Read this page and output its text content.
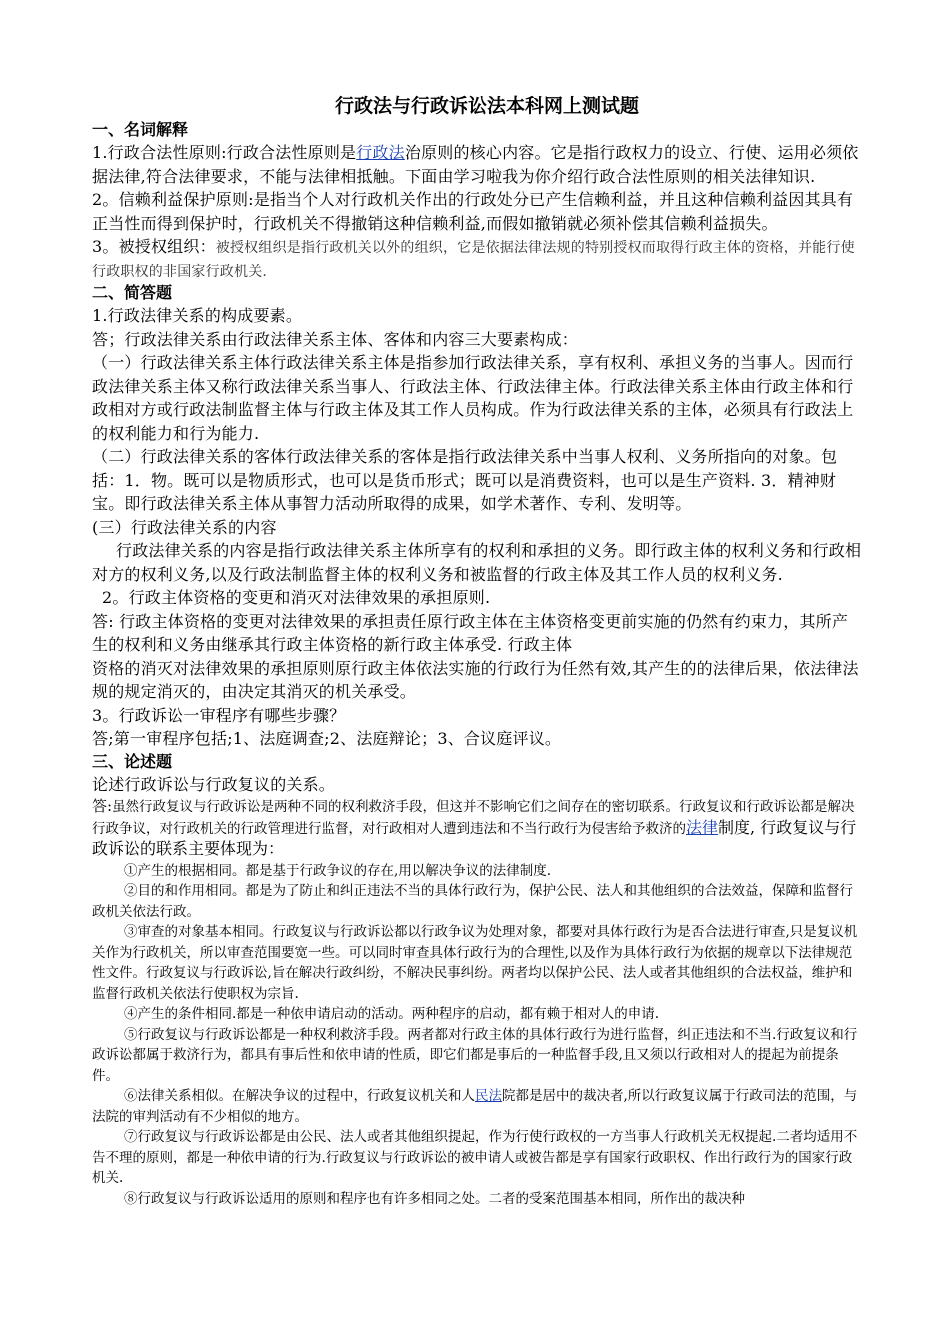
行政法与行政诉讼法本科网上测试题
一、名词解释
1.行政合法性原则:行政合法性原则是行政法治原则的核心内容。它是指行政权力的设立、行使、运用必须依据法律,符合法律要求，不能与法律相抵触。下面由学习啦我为你介绍行政合法性原则的相关法律知识.
2。信赖利益保护原则:是指当个人对行政机关作出的行政处分已产生信赖利益，并且这种信赖利益因其具有正当性而得到保护时，行政机关不得撤销这种信赖利益,而假如撤销就必须补偿其信赖利益损失。
3。被授权组织：被授权组织是指行政机关以外的组织，它是依据法律法规的特别授权而取得行政主体的资格，并能行使行政职权的非国家行政机关.
二、简答题
1.行政法律关系的构成要素。
答；行政法律关系由行政法律关系主体、客体和内容三大要素构成：
（一）行政法律关系主体行政法律关系主体是指参加行政法律关系，享有权利、承担义务的当事人。因而行政法律关系主体又称行政法律关系当事人、行政法主体、行政法律主体。行政法律关系主体由行政主体和行政相对方或行政法制监督主体与行政主体及其工作人员构成。作为行政法律关系的主体，必须具有行政法上的权利能力和行为能力.
（二）行政法律关系的客体行政法律关系的客体是指行政法律关系中当事人权利、义务所指向的对象。包括：1．物。既可以是物质形式，也可以是货币形式；既可以是消费资料，也可以是生产资料. 3．精神财宝。即行政法律关系主体从事智力活动所取得的成果，如学术著作、专利、发明等。
(三）行政法律关系的内容
行政法律关系的内容是指行政法律关系主体所享有的权利和承担的义务。即行政主体的权利义务和行政相对方的权利义务,以及行政法制监督主体的权利义务和被监督的行政主体及其工作人员的权利义务.
2。行政主体资格的变更和消灭对法律效果的承担原则.
答: 行政主体资格的变更对法律效果的承担责任原行政主体在主体资格变更前实施的仍然有约束力，其所产生的权利和义务由继承其行政主体资格的新行政主体承受. 行政主体
资格的消灭对法律效果的承担原则原行政主体依法实施的行政行为任然有效,其产生的的法律后果，依法律法规的规定消灭的，由决定其消灭的机关承受。
3。行政诉讼一审程序有哪些步骤？
答;第一审程序包括;1、法庭调查;2、法庭辩论；3、合议庭评议。
三、论述题
论述行政诉讼与行政复议的关系。
答:虽然行政复议与行政诉讼是两种不同的权利救济手段，但这并不影响它们之间存在的密切联系。行政复议和行政诉讼都是解决行政争议，对行政机关的行政管理进行监督，对行政相对人遭到违法和不当行政行为侵害给予救济的法律制度, 行政复议与行政诉讼的联系主要体现为：
①产生的根据相同。都是基于行政争议的存在,用以解决争议的法律制度.
②目的和作用相同。都是为了防止和纠正违法不当的具体行政行为，保护公民、法人和其他组织的合法效益，保障和监督行政机关依法行政。
③审查的对象基本相同。行政复议与行政诉讼都以行政争议为处理对象，都要对具体行政行为是否合法进行审查,只是复议机关作为行政机关，所以审查范围要宽一些。可以同时审查具体行政行为的合理性,以及作为具体行政行为依据的规章以下法律规范性文件。行政复议与行政诉讼,旨在解决行政纠纷，不解决民事纠纷。两者均以保护公民、法人或者其他组织的合法权益，维护和监督行政机关依法行使职权为宗旨.
④产生的条件相同.都是一种依申请启动的活动。两种程序的启动，都有赖于相对人的申请.
⑤行政复议与行政诉讼都是一种权利救济手段。两者都对行政主体的具体行政行为进行监督，纠正违法和不当.行政复议和行政诉讼都属于救济行为，都具有事后性和依申请的性质，即它们都是事后的一种监督手段,且又须以行政相对人的提起为前提条件。
⑥法律关系相似。在解决争议的过程中，行政复议机关和人民法院都是居中的裁决者,所以行政复议属于行政司法的范围，与法院的审判活动有不少相似的地方。
⑦行政复议与行政诉讼都是由公民、法人或者其他组织提起，作为行使行政权的一方当事人行政机关无权提起.二者均适用不告不理的原则，都是一种依申请的行为.行政复议与行政诉讼的被申请人或被告都是享有国家行政职权、作出行政行为的国家行政机关.
⑧行政复议与行政诉讼适用的原则和程序也有许多相同之处。二者的受案范围基本相同，所作出的裁决种
